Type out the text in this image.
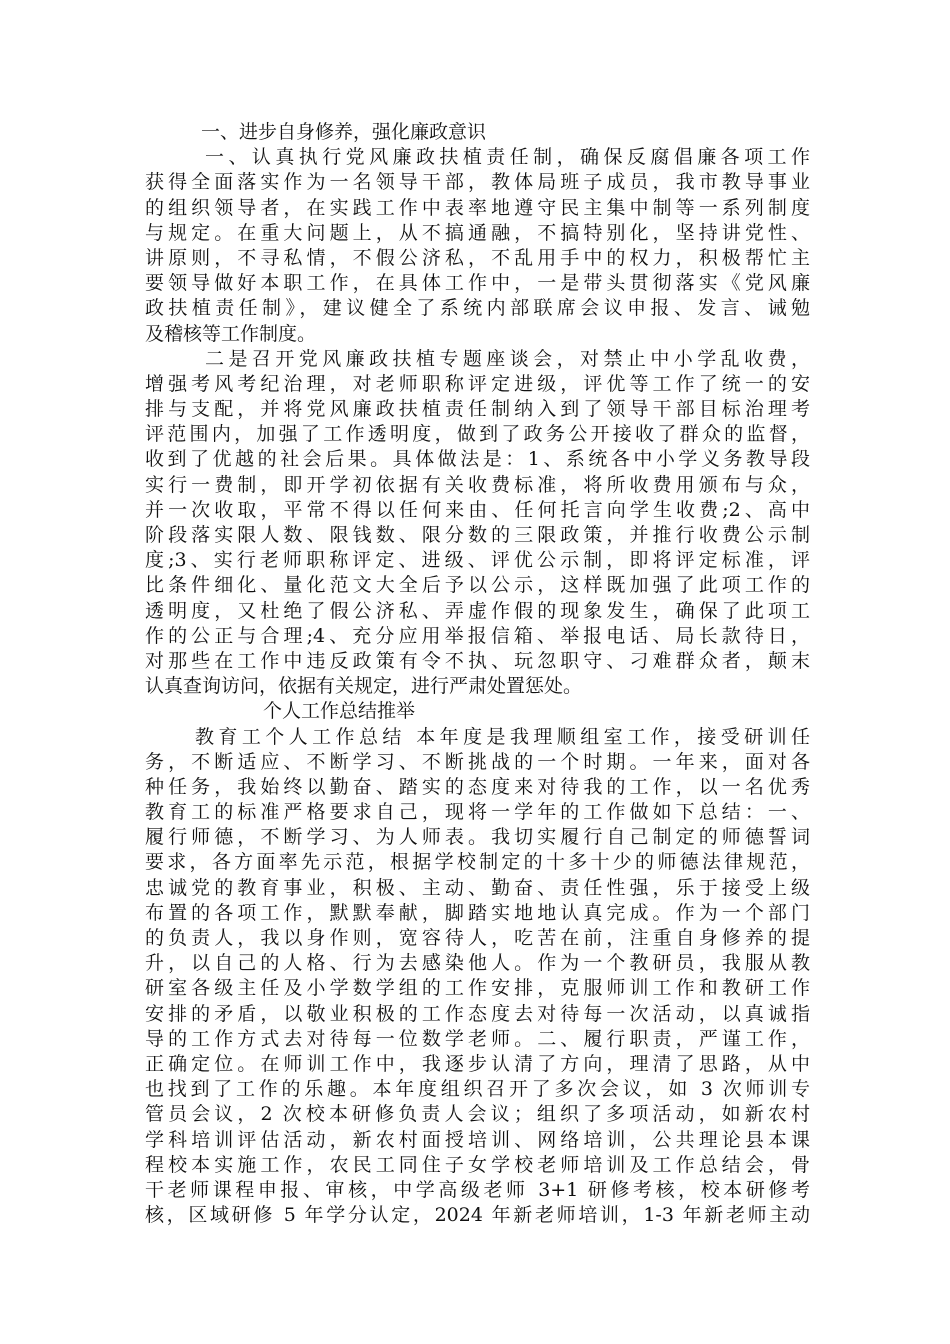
一、进步自身修养，强化廉政意识
一、认真执行党风廉政扶植责任制，确保反腐倡廉各项工作
获得全面落实作为一名领导干部，教体局班子成员，我市教导事业
的组织领导者，在实践工作中表率地遵守民主集中制等一系列制度
与规定。在重大问题上，从不搞通融，不搞特别化，坚持讲党性、
讲原则，不寻私情，不假公济私，不乱用手中的权力，积极帮忙主
要领导做好本职工作，在具体工作中，一是带头贯彻落实《党风廉
政扶植责任制》，建议健全了系统内部联席会议申报、发言、诫勉
及稽核等工作制度。
二是召开党风廉政扶植专题座谈会，对禁止中小学乱收费，
增强考风考纪治理，对老师职称评定进级，评优等工作了统一的安
排与支配，并将党风廉政扶植责任制纳入到了领导干部目标治理考
评范围内，加强了工作透明度，做到了政务公开接收了群众的监督，
收到了优越的社会后果。具体做法是：1、系统各中小学义务教导段
实行一费制，即开学初依据有关收费标准，将所收费用颁布与众，
并一次收取，平常不得以任何来由、任何托言向学生收费;2、高中
阶段落实限人数、限钱数、限分数的三限政策，并推行收费公示制
度;3、实行老师职称评定、进级、评优公示制，即将评定标准，评
比条件细化、量化范文大全后予以公示，这样既加强了此项工作的
透明度，又杜绝了假公济私、弄虚作假的现象发生，确保了此项工
作的公正与合理;4、充分应用举报信箱、举报电话、局长款待日，
对那些在工作中违反政策有令不执、玩忽职守、刁难群众者，颠末
认真查询访问，依据有关规定，进行严肃处置惩处。
个人工作总结推举
教育工个人工作总结 本年度是我理顺组室工作，接受研训任
务，不断适应、不断学习、不断挑战的一个时期。一年来，面对各
种任务，我始终以勤奋、踏实的态度来对待我的工作，以一名优秀
教育工的标准严格要求自己，现将一学年的工作做如下总结：一、
履行师德，不断学习、为人师表。我切实履行自己制定的师德誓词
要求，各方面率先示范，根据学校制定的十多十少的师德法律规范，
忠诚党的教育事业，积极、主动、勤奋、责任性强，乐于接受上级
布置的各项工作，默默奉献，脚踏实地地认真完成。作为一个部门
的负责人，我以身作则，宽容待人，吃苦在前，注重自身修养的提
升，以自己的人格、行为去感染他人。作为一个教研员，我服从教
研室各级主任及小学数学组的工作安排，克服师训工作和教研工作
安排的矛盾，以敬业积极的工作态度去对待每一次活动，以真诚指
导的工作方式去对待每一位数学老师。二、履行职责，严谨工作，
正确定位。在师训工作中，我逐步认清了方向，理清了思路，从中
也找到了工作的乐趣。本年度组织召开了多次会议，如 3 次师训专
管员会议，2 次校本研修负责人会议；组织了多项活动，如新农村
学科培训评估活动，新农村面授培训、网络培训，公共理论县本课
程校本实施工作，农民工同住子女学校老师培训及工作总结会，骨
干老师课程申报、审核，中学高级老师 3+1 研修考核，校本研修考
核，区域研修 5 年学分认定，2024 年新老师培训，1-3 年新老师主动
